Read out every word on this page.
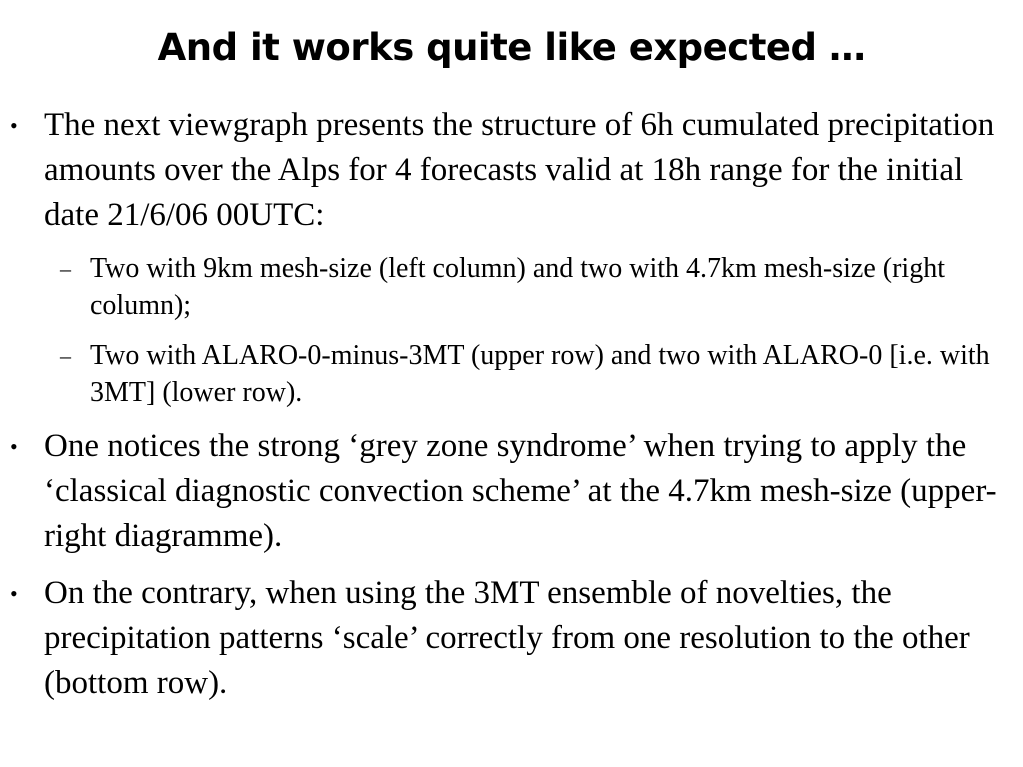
And it works quite like expected …
• The next viewgraph presents the structure of 6h cumulated precipitation amounts over the Alps for 4 forecasts valid at 18h range for the initial date 21/6/06 00UTC:
– Two with 9km mesh-size (left column) and two with 4.7km mesh-size (right column);
– Two with ALARO-0-minus-3MT (upper row) and two with ALARO-0 [i.e. with 3MT] (lower row).
• One notices the strong ‘grey zone syndrome’ when trying to apply the ‘classical diagnostic convection scheme’ at the 4.7km mesh-size (upper-right diagramme).
• On the contrary, when using the 3MT ensemble of novelties, the precipitation patterns ‘scale’ correctly from one resolution to the other (bottom row).
